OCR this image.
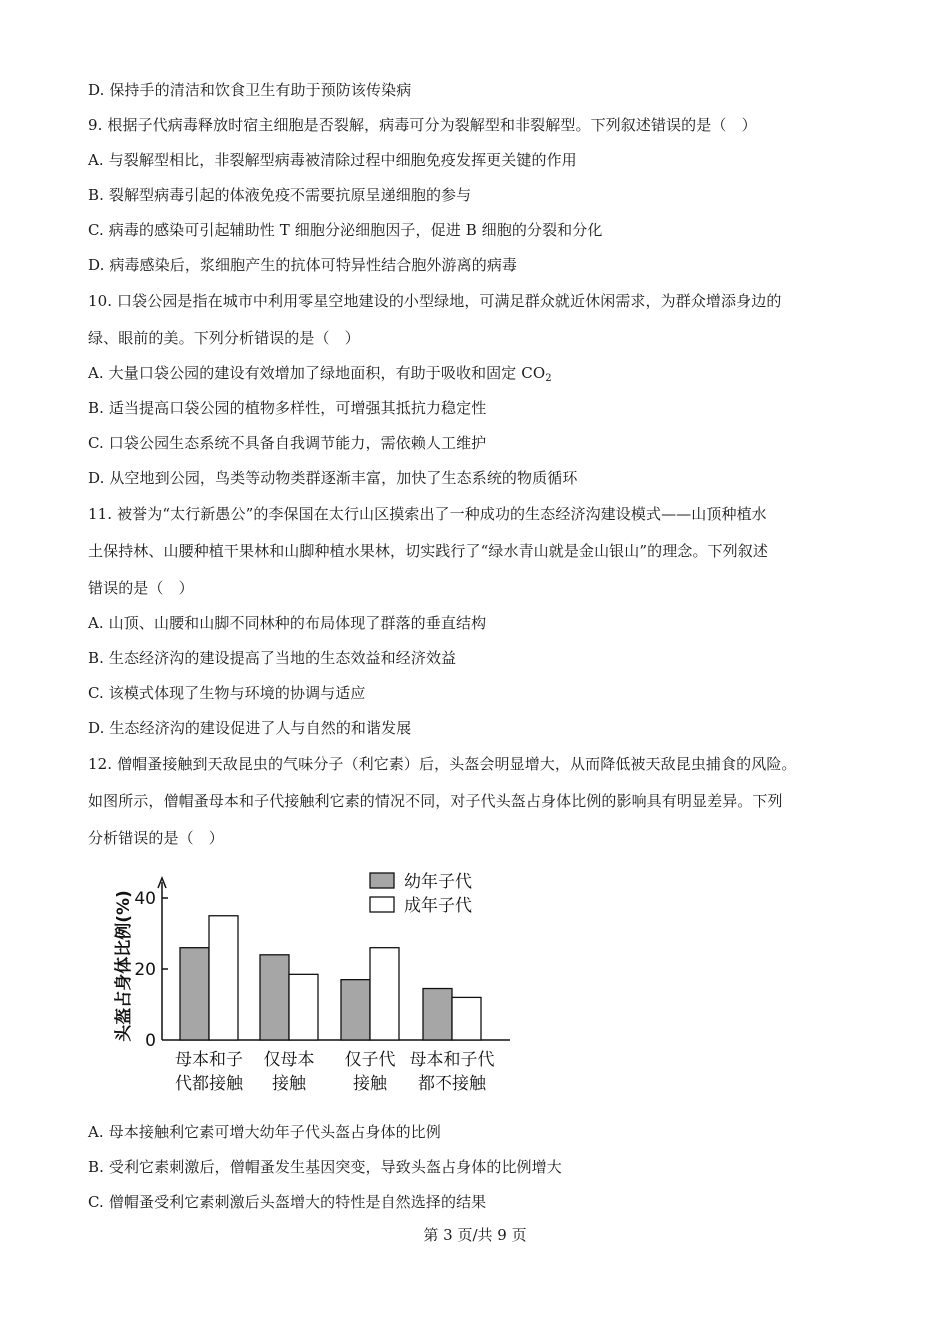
D. 保持手的清洁和饮食卫生有助于预防该传染病
9. 根据子代病毒释放时宿主细胞是否裂解，病毒可分为裂解型和非裂解型。下列叙述错误的是（　）
A. 与裂解型相比，非裂解型病毒被清除过程中细胞免疫发挥更关键的作用
B. 裂解型病毒引起的体液免疫不需要抗原呈递细胞的参与
C. 病毒的感染可引起辅助性 T 细胞分泌细胞因子，促进 B 细胞的分裂和分化
D. 病毒感染后，浆细胞产生的抗体可特异性结合胞外游离的病毒
10. 口袋公园是指在城市中利用零星空地建设的小型绿地，可满足群众就近休闲需求，为群众增添身边的
绿、眼前的美。下列分析错误的是（　）
A. 大量口袋公园的建设有效增加了绿地面积，有助于吸收和固定 $CO_2$
B. 适当提高口袋公园的植物多样性，可增强其抵抗力稳定性
C. 口袋公园生态系统不具备自我调节能力，需依赖人工维护
D. 从空地到公园，鸟类等动物类群逐渐丰富，加快了生态系统的物质循环
11. 被誉为“太行新愚公”的李保国在太行山区摸索出了一种成功的生态经济沟建设模式——山顶种植水
土保持林、山腰种植干果林和山脚种植水果林，切实践行了“绿水青山就是金山银山”的理念。下列叙述
错误的是（　）
A. 山顶、山腰和山脚不同林种的布局体现了群落的垂直结构
B. 生态经济沟的建设提高了当地的生态效益和经济效益
C. 该模式体现了生物与环境的协调与适应
D. 生态经济沟的建设促进了人与自然的和谐发展
12. 僧帽蚤接触到天敌昆虫的气味分子（利它素）后，头盔会明显增大，从而降低被天敌昆虫捕食的风险。
如图所示，僧帽蚤母本和子代接触利它素的情况不同，对子代头盔占身体比例的影响具有明显差异。下列
分析错误的是（　）
0
20
40
母本和子
代都接触
仅母本
接触
仅子代
接触
母本和子代
都不接触
幼年子代
成年子代
头盔占身体比例(%)
A. 母本接触利它素可增大幼年子代头盔占身体的比例
B. 受利它素刺激后，僧帽蚤发生基因突变，导致头盔占身体的比例增大
C. 僧帽蚤受利它素刺激后头盔增大的特性是自然选择的结果
第 3 页/共 9 页
